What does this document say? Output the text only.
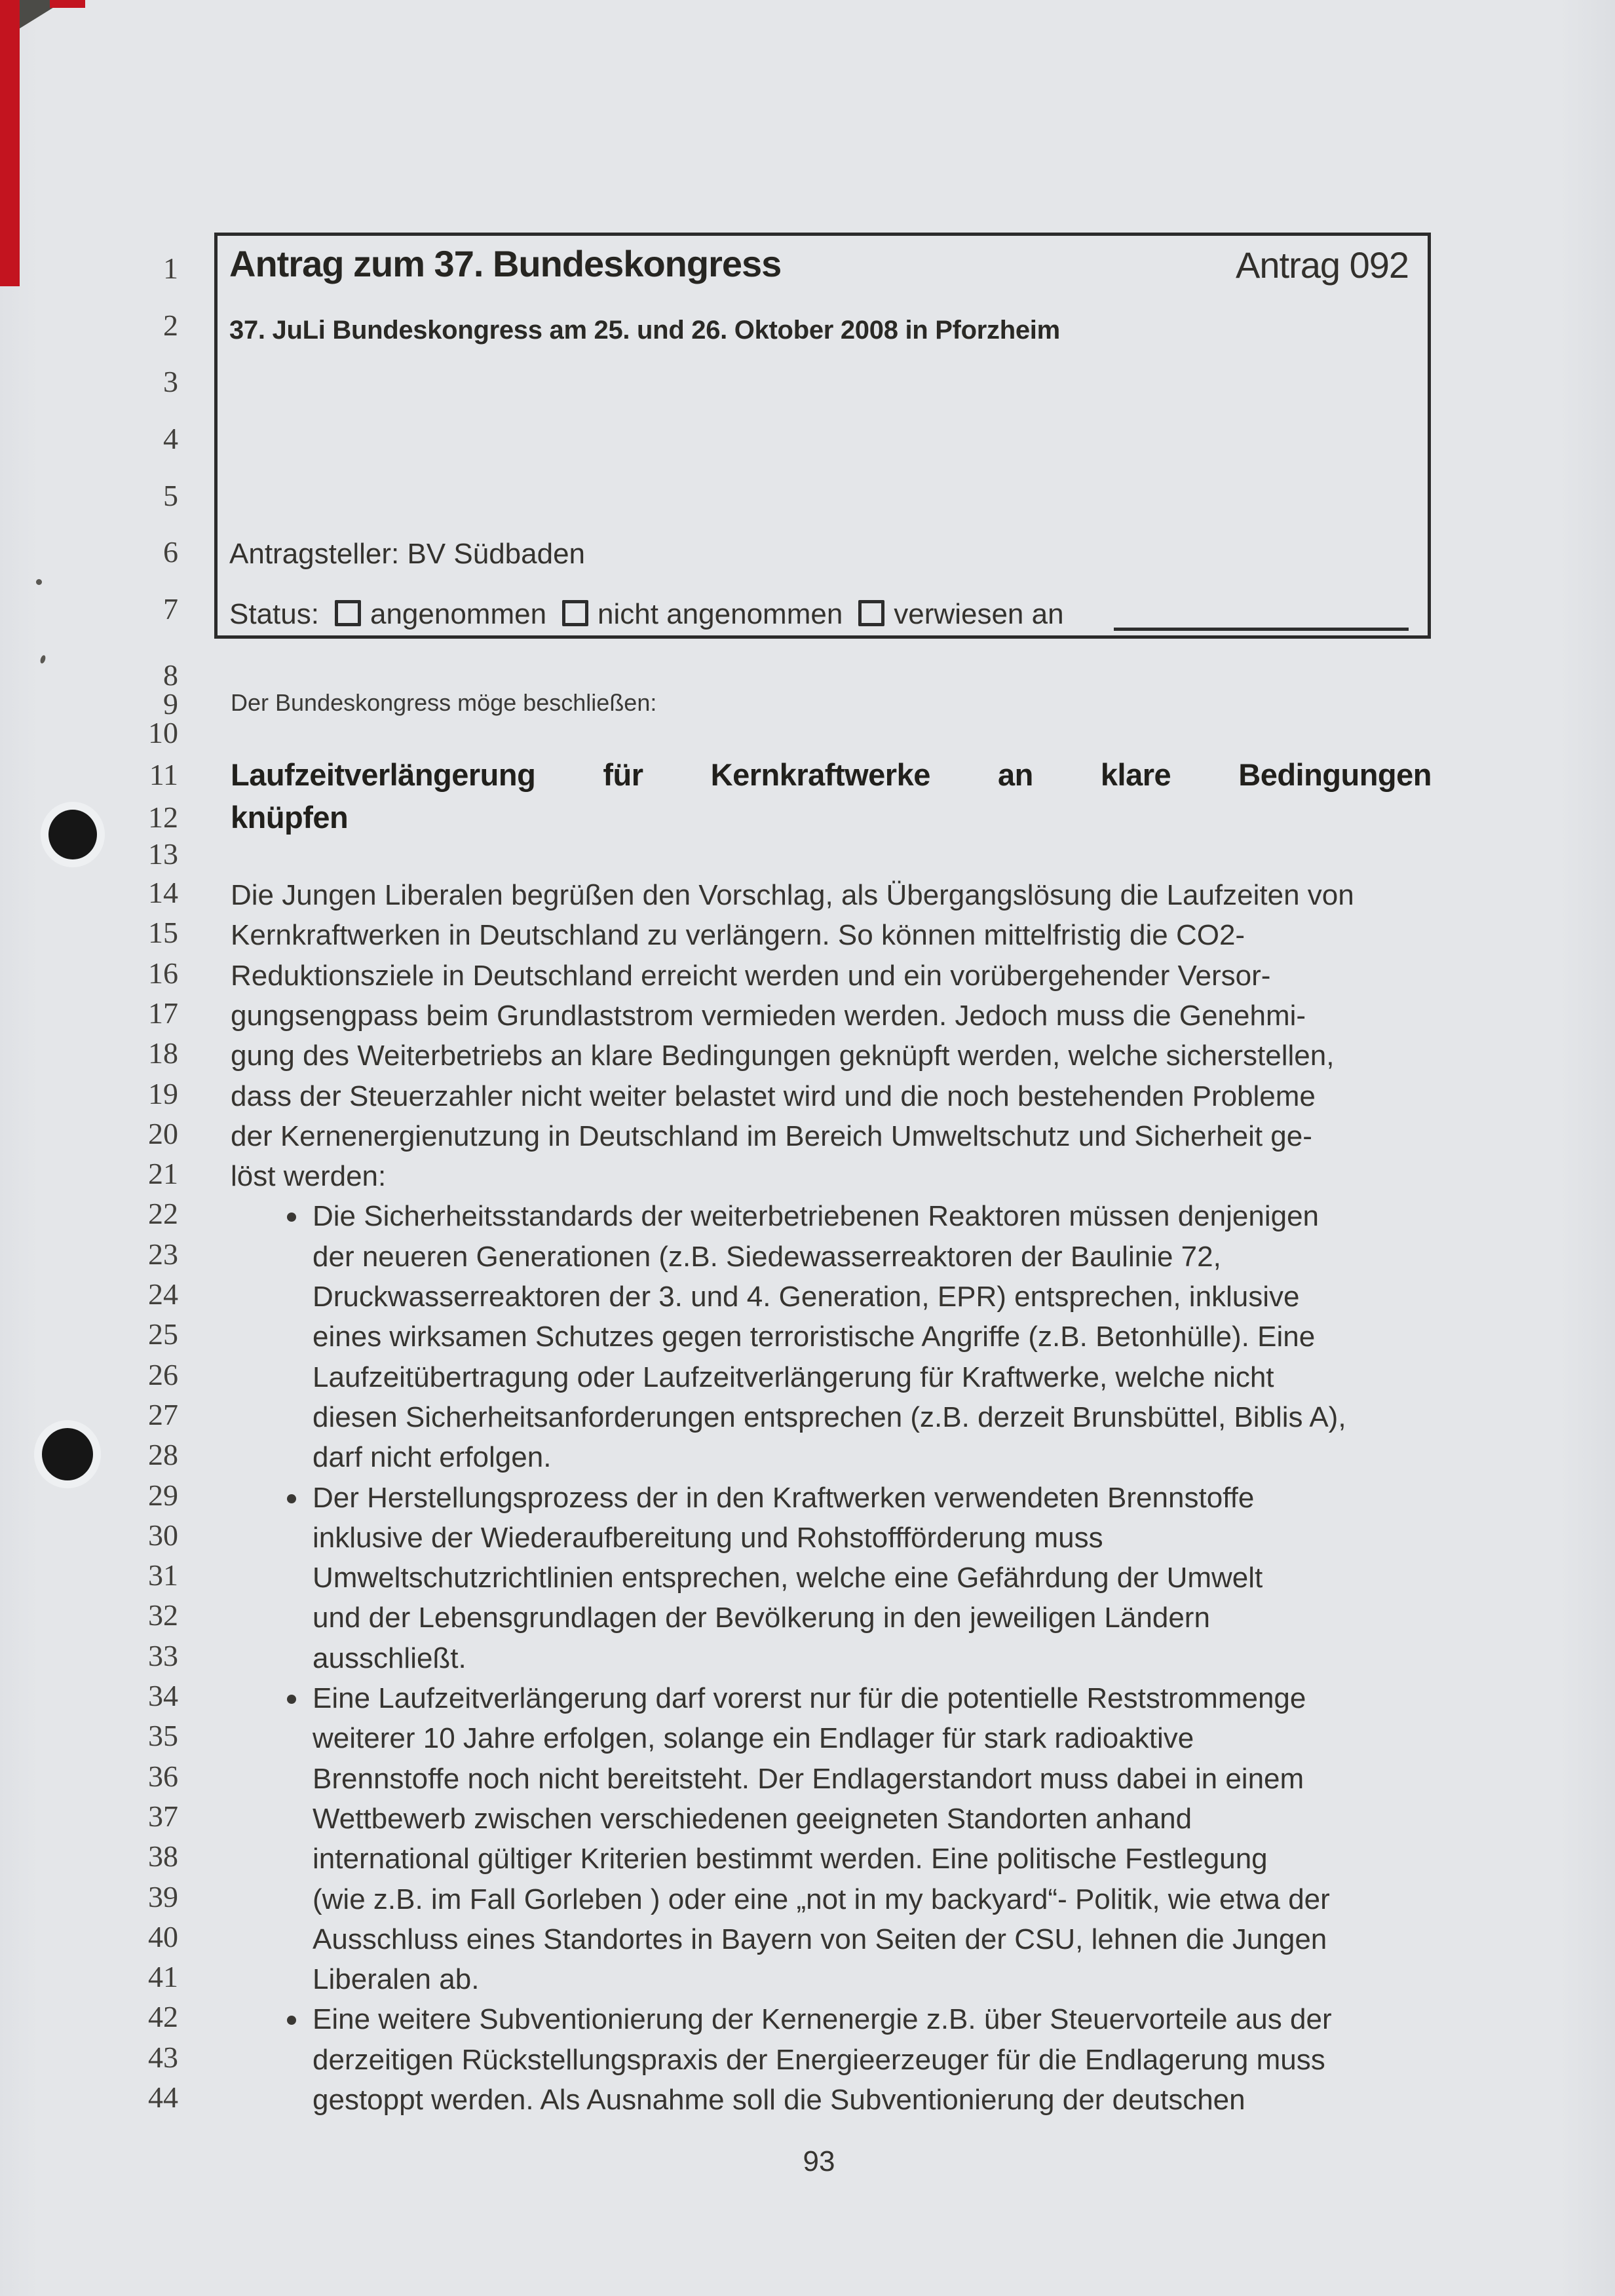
1
2
3
4
5
6
7
8
9
10
11
12
13
14
15
16
17
18
19
20
21
22
23
24
25
26
27
28
29
30
31
32
33
34
35
36
37
38
39
40
41
42
43
44
Antrag zum 37. Bundeskongress	Antrag 092
37. JuLi Bundeskongress am 25. und 26. Oktober 2008 in Pforzheim
Antragsteller: BV Südbaden
Status: angenommen nicht angenommen verwiesen an
Der Bundeskongress möge beschließen:
Laufzeitverlängerung für Kernkraftwerke an klare Bedingungen
knüpfen
Die Jungen Liberalen begrüßen den Vorschlag, als Übergangslösung die Laufzeiten von
Kernkraftwerken in Deutschland zu verlängern. So können mittelfristig die CO2-
Reduktionsziele in Deutschland erreicht werden und ein vorübergehender Versor-
gungsengpass beim Grundlaststrom vermieden werden. Jedoch muss die Genehmi-
gung des Weiterbetriebs an klare Bedingungen geknüpft werden, welche sicherstellen,
dass der Steuerzahler nicht weiter belastet wird und die noch bestehenden Probleme
der Kernenergienutzung in Deutschland im Bereich Umweltschutz und Sicherheit ge-
löst werden:
Die Sicherheitsstandards der weiterbetriebenen Reaktoren müssen denjenigen
der neueren Generationen (z.B. Siedewasserreaktoren der Baulinie 72,
Druckwasserreaktoren der 3. und 4. Generation, EPR) entsprechen, inklusive
eines wirksamen Schutzes gegen terroristische Angriffe (z.B. Betonhülle). Eine
Laufzeitübertragung oder Laufzeitverlängerung für Kraftwerke, welche nicht
diesen Sicherheitsanforderungen entsprechen (z.B. derzeit Brunsbüttel, Biblis A),
darf nicht erfolgen.
Der Herstellungsprozess der in den Kraftwerken verwendeten Brennstoffe
inklusive der Wiederaufbereitung und Rohstoffförderung muss
Umweltschutzrichtlinien entsprechen, welche eine Gefährdung der Umwelt
und der Lebensgrundlagen der Bevölkerung in den jeweiligen Ländern
ausschließt.
Eine Laufzeitverlängerung darf vorerst nur für die potentielle Reststrommenge
weiterer 10 Jahre erfolgen, solange ein Endlager für stark radioaktive
Brennstoffe noch nicht bereitsteht. Der Endlagerstandort muss dabei in einem
Wettbewerb zwischen verschiedenen geeigneten Standorten anhand
international gültiger Kriterien bestimmt werden. Eine politische Festlegung
(wie z.B. im Fall Gorleben ) oder eine „not in my backyard“- Politik, wie etwa der
Ausschluss eines Standortes in Bayern von Seiten der CSU, lehnen die Jungen
Liberalen ab.
Eine weitere Subventionierung der Kernenergie z.B. über Steuervorteile aus der
derzeitigen Rückstellungspraxis der Energieerzeuger für die Endlagerung muss
gestoppt werden. Als Ausnahme soll die Subventionierung der deutschen
93
